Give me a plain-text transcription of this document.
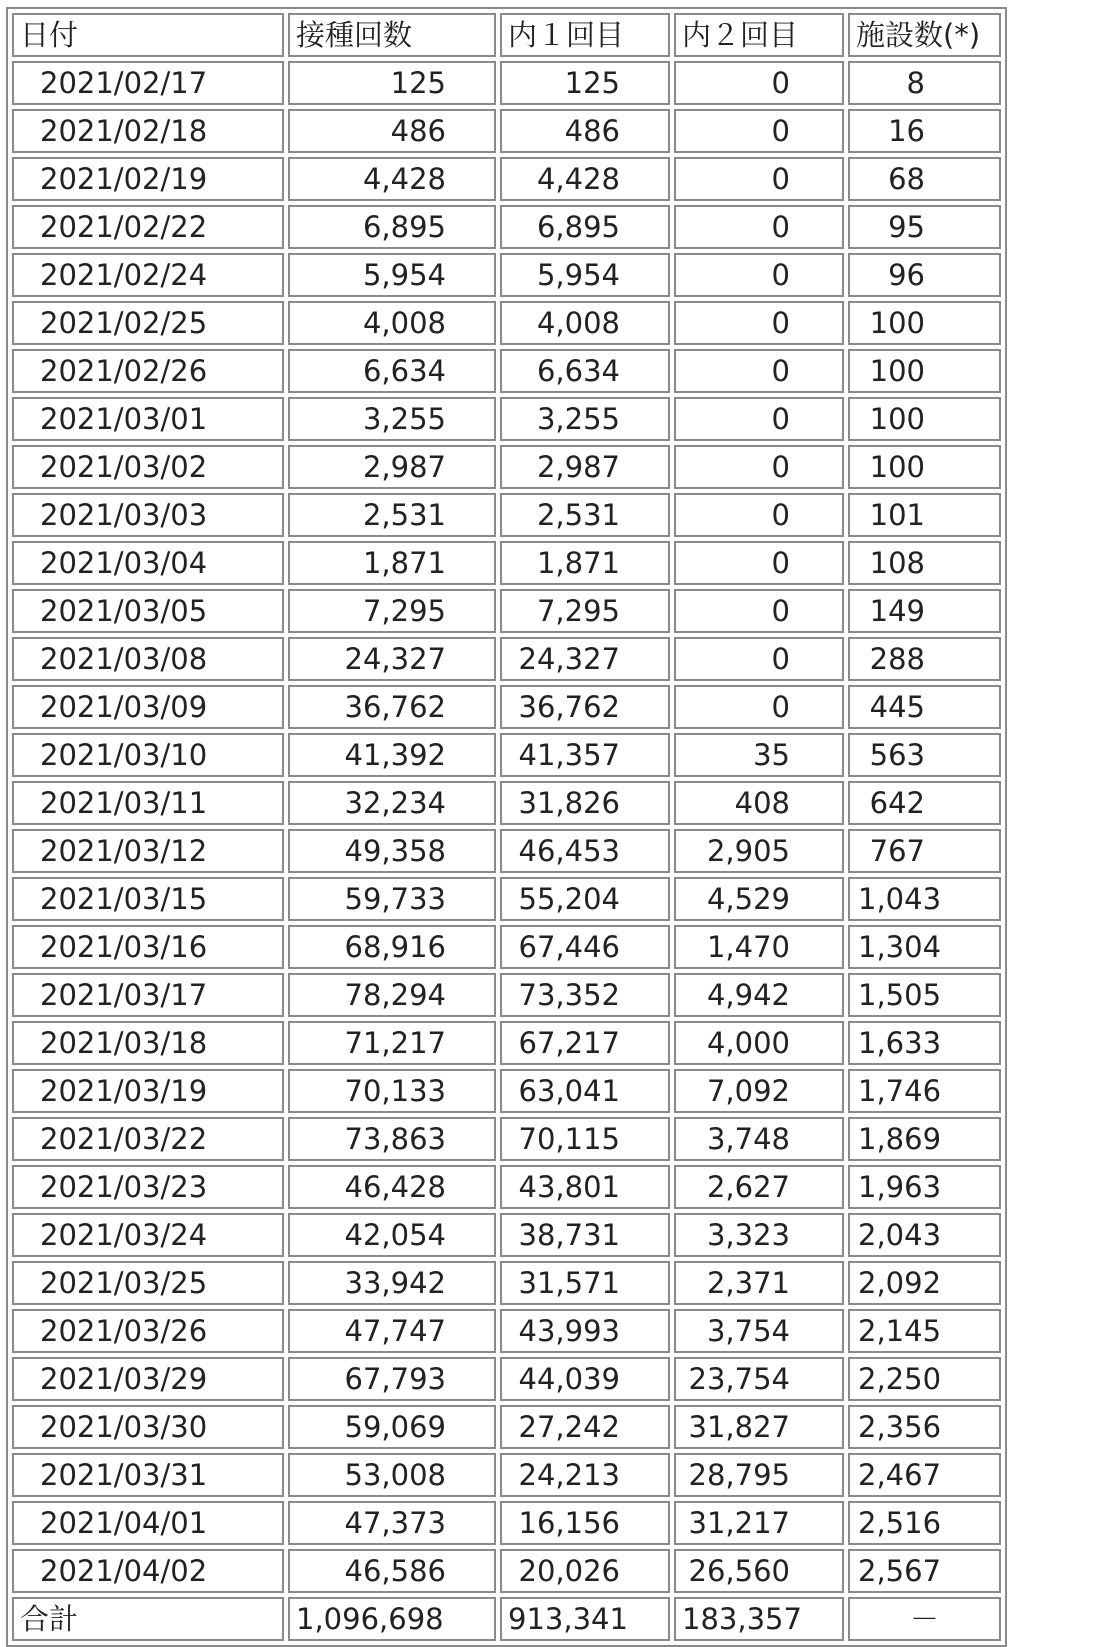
日付	接種回数	内１回目	内２回目	施設数(*)
2021/02/17	125	125	0	8
2021/02/18	486	486	0	16
2021/02/19	4,428	4,428	0	68
2021/02/22	6,895	6,895	0	95
2021/02/24	5,954	5,954	0	96
2021/02/25	4,008	4,008	0	100
2021/02/26	6,634	6,634	0	100
2021/03/01	3,255	3,255	0	100
2021/03/02	2,987	2,987	0	100
2021/03/03	2,531	2,531	0	101
2021/03/04	1,871	1,871	0	108
2021/03/05	7,295	7,295	0	149
2021/03/08	24,327	24,327	0	288
2021/03/09	36,762	36,762	0	445
2021/03/10	41,392	41,357	35	563
2021/03/11	32,234	31,826	408	642
2021/03/12	49,358	46,453	2,905	767
2021/03/15	59,733	55,204	4,529	1,043
2021/03/16	68,916	67,446	1,470	1,304
2021/03/17	78,294	73,352	4,942	1,505
2021/03/18	71,217	67,217	4,000	1,633
2021/03/19	70,133	63,041	7,092	1,746
2021/03/22	73,863	70,115	3,748	1,869
2021/03/23	46,428	43,801	2,627	1,963
2021/03/24	42,054	38,731	3,323	2,043
2021/03/25	33,942	31,571	2,371	2,092
2021/03/26	47,747	43,993	3,754	2,145
2021/03/29	67,793	44,039	23,754	2,250
2021/03/30	59,069	27,242	31,827	2,356
2021/03/31	53,008	24,213	28,795	2,467
2021/04/01	47,373	16,156	31,217	2,516
2021/04/02	46,586	20,026	26,560	2,567
合計	1,096,698	913,341	183,357	－
